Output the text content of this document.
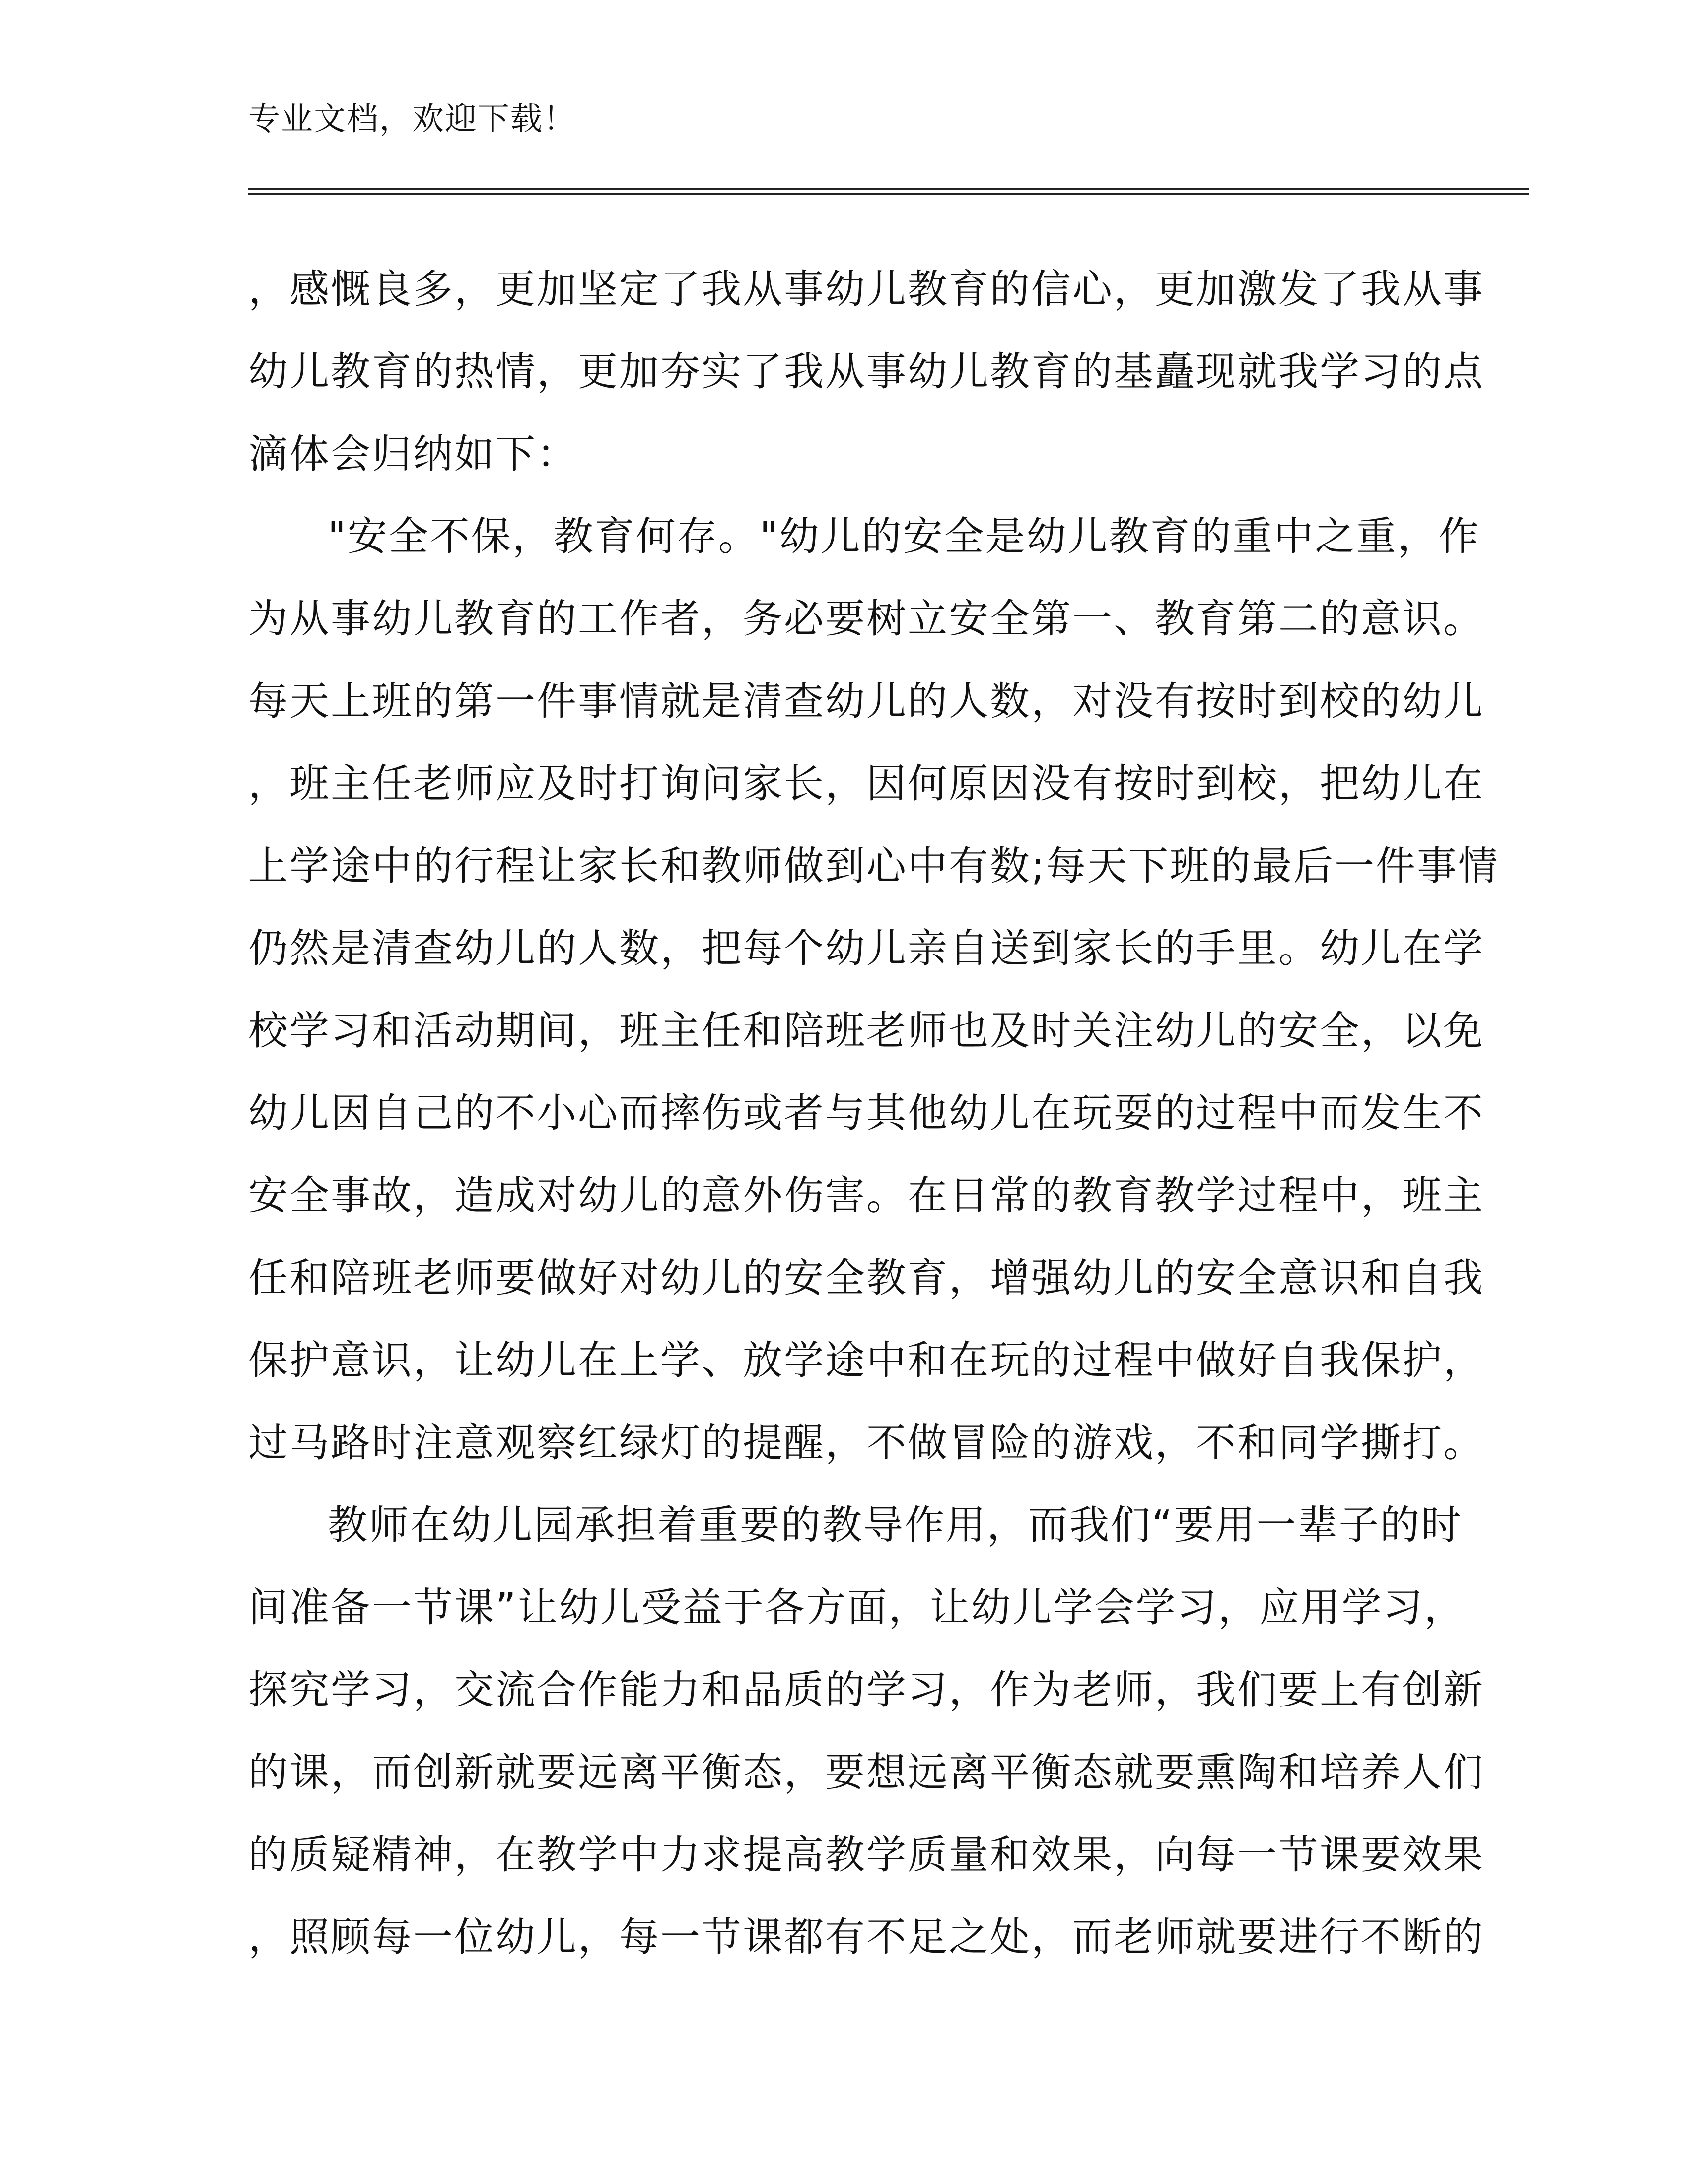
专业文档，欢迎下载！
，感慨良多，更加坚定了我从事幼儿教育的信心，更加激发了我从事
幼儿教育的热情，更加夯实了我从事幼儿教育的基矗现就我学习的点
滴体会归纳如下：
"安全不保，教育何存。"幼儿的安全是幼儿教育的重中之重，作
为从事幼儿教育的工作者，务必要树立安全第一、教育第二的意识。
每天上班的第一件事情就是清查幼儿的人数，对没有按时到校的幼儿
，班主任老师应及时打询问家长，因何原因没有按时到校，把幼儿在
上学途中的行程让家长和教师做到心中有数;每天下班的最后一件事情
仍然是清查幼儿的人数，把每个幼儿亲自送到家长的手里。幼儿在学
校学习和活动期间，班主任和陪班老师也及时关注幼儿的安全，以免
幼儿因自己的不小心而摔伤或者与其他幼儿在玩耍的过程中而发生不
安全事故，造成对幼儿的意外伤害。在日常的教育教学过程中，班主
任和陪班老师要做好对幼儿的安全教育，增强幼儿的安全意识和自我
保护意识，让幼儿在上学、放学途中和在玩的过程中做好自我保护，
过马路时注意观察红绿灯的提醒，不做冒险的游戏，不和同学撕打。
教师在幼儿园承担着重要的教导作用，而我们“要用一辈子的时
间准备一节课”让幼儿受益于各方面，让幼儿学会学习，应用学习，
探究学习，交流合作能力和品质的学习，作为老师，我们要上有创新
的课，而创新就要远离平衡态，要想远离平衡态就要熏陶和培养人们
的质疑精神，在教学中力求提高教学质量和效果，向每一节课要效果
，照顾每一位幼儿，每一节课都有不足之处，而老师就要进行不断的
